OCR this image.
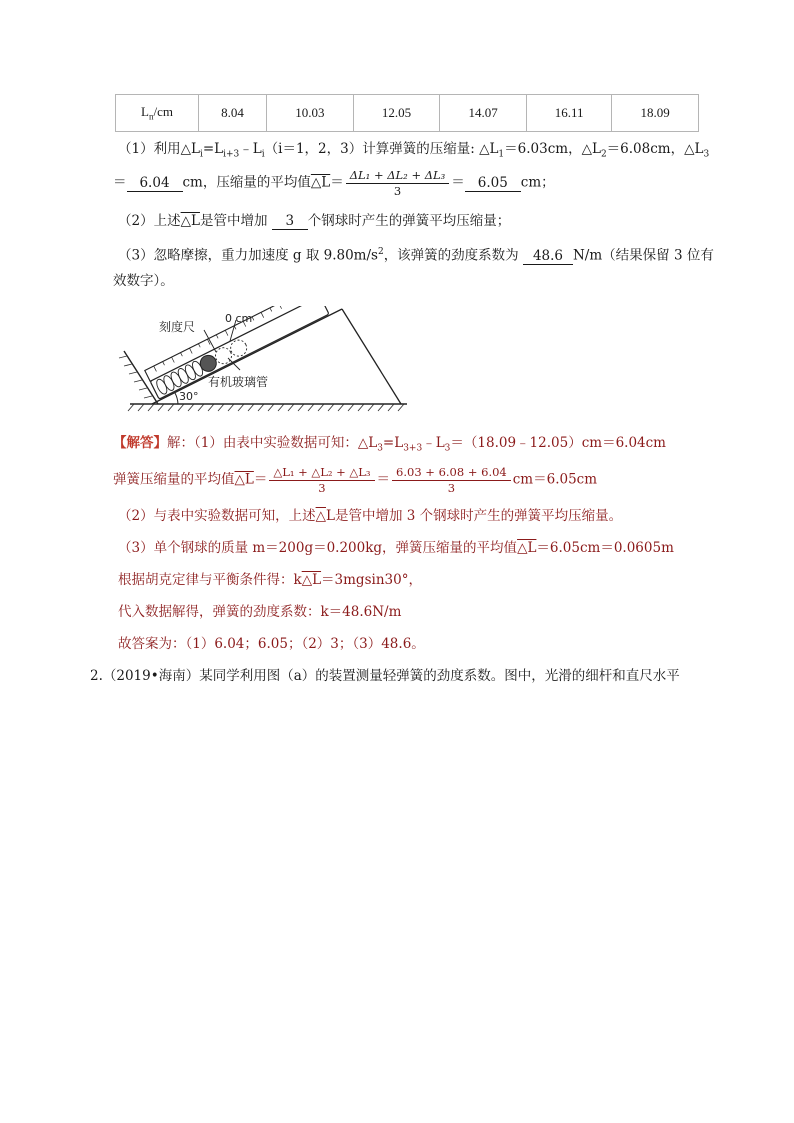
$L_n/cm$	8.04	10.03	12.05	14.07	16.11	18.09
（1）利用$\triangle L_i=L_{i+3}﹣L_i(i=1$，2，3）计算弹簧的压缩量: $\triangle L_1=6.03cm$，$\triangle L_2=6.08cm$，$\triangle L_3$
＝ 6.04 cm，压缩量的平均值△L＝ $\frac{\text{ΔL₁ + ΔL₂ + ΔL₃}}{3} = 6.05$ cm；
（2）上述△L是管中增加 3 个钢球时产生的弹簧平均压缩量；
（3）忽略摩擦，重力加速度 g 取 $9.80m/s^2$，该弹簧的劲度系数为 48.6 N/m（结果保留 3 位有
效数字）。
刻度尺
0 cm
有机玻璃管
30°
【解答】解：（1）由表中实验数据可知：$\triangle L_3=L_{3+3}﹣L_3=(18.09﹣12.05)cm=6.04cm$
弹簧压缩量的平均值△L＝ $\frac{\text{△L₁ + △L₂ + △L₃}}{3} = \frac{6.03 + 6.08 + 6.04}{3} cm=6.05cm$
（2）与表中实验数据可知，上述△L是管中增加 3 个钢球时产生的弹簧平均压缩量。
（3）单个钢球的质量 m＝200g＝0.200kg，弹簧压缩量的平均值△L＝6.05cm＝0.0605m
根据胡克定律与平衡条件得：k△L＝3mgsin30°，
代入数据解得，弹簧的劲度系数：k＝48.6N/m
故答案为：（1）6.04；6.05；（2）3；（3）48.6。
2.（2019•海南）某同学利用图（a）的装置测量轻弹簧的劲度系数。图中，光滑的细杆和直尺水平
